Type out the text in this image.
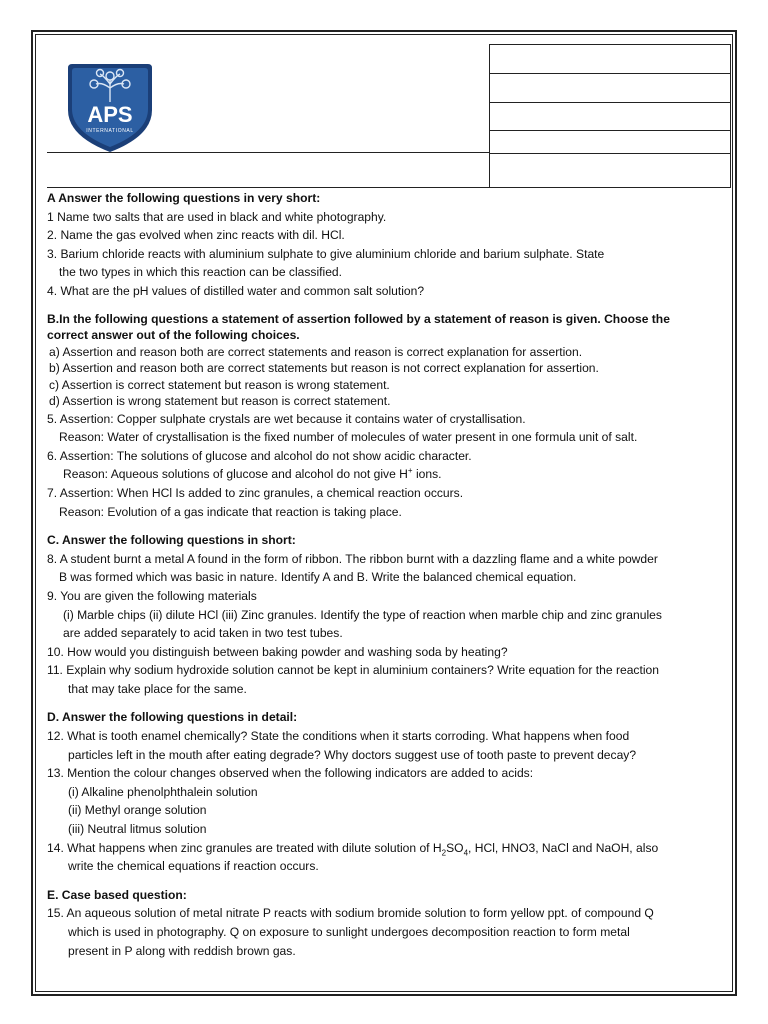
APS
INTERNATIONAL
A Answer the following questions in very short:
1 Name two salts that are used in black and white photography.
2. Name the gas evolved when zinc reacts with dil. HCl.
3. Barium chloride reacts with aluminium sulphate to give aluminium chloride and barium sulphate. State
the two types in which this reaction can be classified.
4. What are the pH values of distilled water and common salt solution?
B.In the following questions a statement of assertion followed by a statement of reason is given. Choose the
correct answer out of the following choices.
a) Assertion and reason both are correct statements and reason is correct explanation for assertion.
b) Assertion and reason both are correct statements but reason is not correct explanation for assertion.
c) Assertion is correct statement but reason is wrong statement.
d) Assertion is wrong statement but reason is correct statement.
5. Assertion: Copper sulphate crystals are wet because it contains water of crystallisation.
Reason: Water of crystallisation is the fixed number of molecules of water present in one formula unit of salt.
6. Assertion: The solutions of glucose and alcohol do not show acidic character.
Reason: Aqueous solutions of glucose and alcohol do not give H+ ions.
7. Assertion: When HCl Is added to zinc granules, a chemical reaction occurs.
Reason: Evolution of a gas indicate that reaction is taking place.
C. Answer the following questions in short:
8. A student burnt a metal A found in the form of ribbon. The ribbon burnt with a dazzling flame and a white powder
B was formed which was basic in nature. Identify A and B. Write the balanced chemical equation.
9. You are given the following materials
(i) Marble chips (ii) dilute HCl (iii) Zinc granules. Identify the type of reaction when marble chip and zinc granules
are added separately to acid taken in two test tubes.
10. How would you distinguish between baking powder and washing soda by heating?
11. Explain why sodium hydroxide solution cannot be kept in aluminium containers? Write equation for the reaction
that may take place for the same.
D. Answer the following questions in detail:
12. What is tooth enamel chemically? State the conditions when it starts corroding. What happens when food
particles left in the mouth after eating degrade? Why doctors suggest use of tooth paste to prevent decay?
13. Mention the colour changes observed when the following indicators are added to acids:
(i) Alkaline phenolphthalein solution
(ii) Methyl orange solution
(iii) Neutral litmus solution
14. What happens when zinc granules are treated with dilute solution of $H_2SO_4$, HCl, HNO3, NaCl and NaOH, also
write the chemical equations if reaction occurs.
E. Case based question:
15. An aqueous solution of metal nitrate P reacts with sodium bromide solution to form yellow ppt. of compound Q
which is used in photography. Q on exposure to sunlight undergoes decomposition reaction to form metal
present in P along with reddish brown gas.
